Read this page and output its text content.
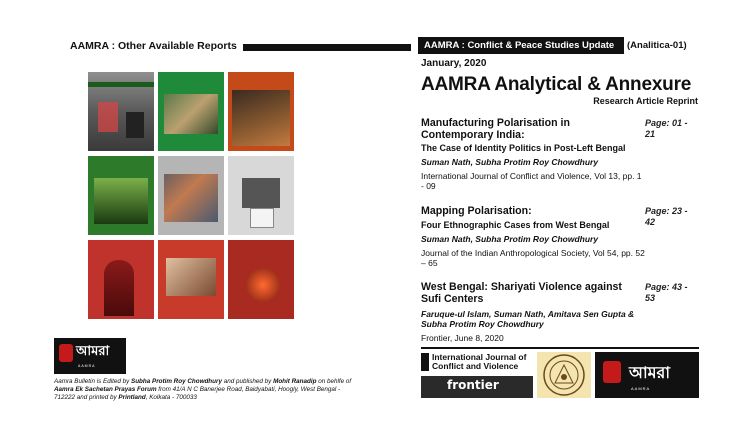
AAMRA : Other Available Reports	AAMRA : Conflict & Peace Studies Update	(Analitica-01)
January, 2020
AAMRA Analytical & Annexure
Research Article Reprint
Manufacturing Polarisation in Contemporary India:
Page: 01 - 21
The Case of Identity Politics in Post-Left Bengal
Suman Nath, Subha Protim Roy Chowdhury
International Journal of Conflict and Violence, Vol 13, pp. 1 - 09
Mapping Polarisation:	Page: 23 - 42
Four Ethnographic Cases from West Bengal
Suman Nath, Subha Protim Roy Chowdhury
Journal of the Indian Anthropological Society, Vol 54, pp. 52 – 65
West Bengal: Shariyati Violence against Sufi Centers
Page: 43 - 53
Faruque-ul Islam, Suman Nath, Amitava Sen Gupta & Subha Protim Roy Chowdhury
Frontier, June 8, 2020
আমরা
AAMRA
Aamra Bulletin is Edited by Subha Protim Roy Chowdhury and published by Mohit Ranadip on behlfe of Aamra Ek Sachetan Prayas Forum from 41/A N C Banerjee Road, Baidyabati, Hoogly, West Bengal - 712222 and printed by Printland, Kolkata - 700033
International Journal of Conflict and Violence
frontier
আমরা
AAMRA
